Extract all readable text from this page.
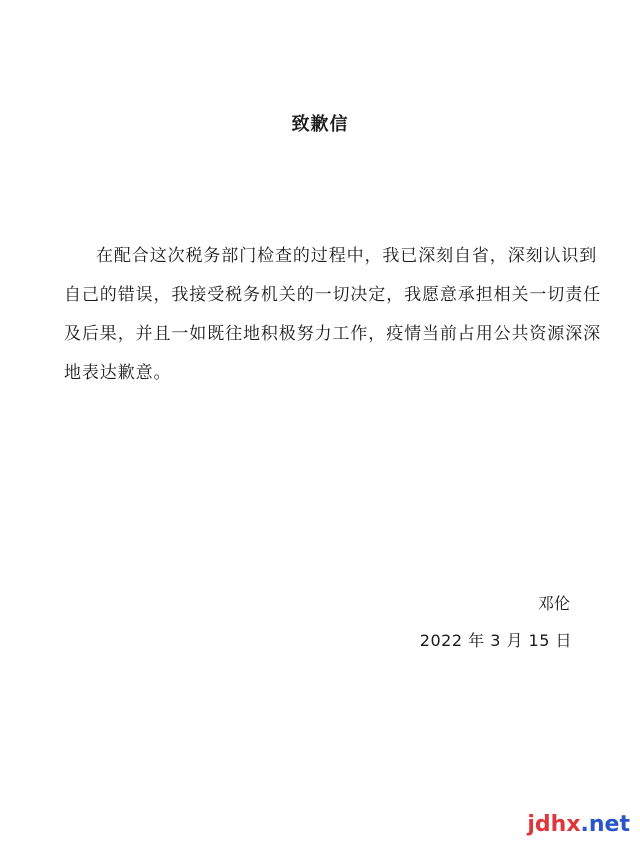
致歉信
在配合这次税务部门检查的过程中，我已深刻自省，深刻认识到
自己的错误，我接受税务机关的一切决定，我愿意承担相关一切责任
及后果，并且一如既往地积极努力工作，疫情当前占用公共资源深深
地表达歉意。
邓伦
2022 年 3 月 15 日
jdhx.net
